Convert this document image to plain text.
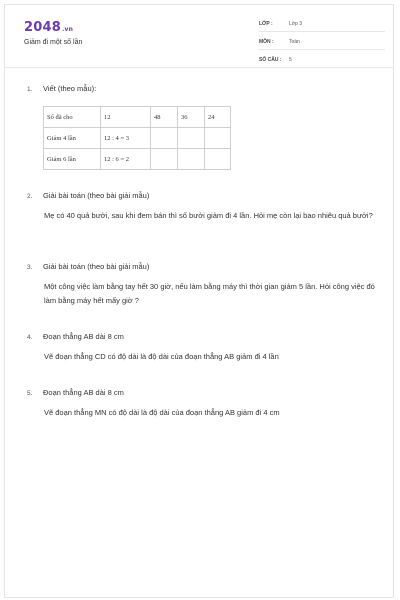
2048.vn
Giảm đi một số lần
LỚP :	Lớp 3
MÔN :	Toán
SỐ CÂU :	5
1. Viết (theo mẫu):
Số đã cho	12	48	36	24
Giảm 4 lần	12 : 4 = 3			
Giảm 6 lần	12 : 6 = 2			
2. Giải bài toán (theo bài giải mẫu)
Mẹ có 40 quả bưởi, sau khi đem bán thì số bưởi giảm đi 4 lần. Hỏi mẹ còn lại bao nhiêu quả bưởi?
3. Giải bài toán (theo bài giải mẫu)
Một công việc làm bằng tay hết 30 giờ, nếu làm bằng máy thì thời gian giảm 5 lần. Hỏi công việc đó làm bằng máy hết mấy giờ ?
4. Đoạn thẳng AB dài 8 cm
Vẽ đoạn thẳng CD có độ dài là độ dài của đoạn thẳng AB giảm đi 4 lần
5. Đoạn thẳng AB dài 8 cm
Vẽ đoạn thẳng MN có độ dài là độ dài của đoạn thẳng AB giảm đi 4 cm
